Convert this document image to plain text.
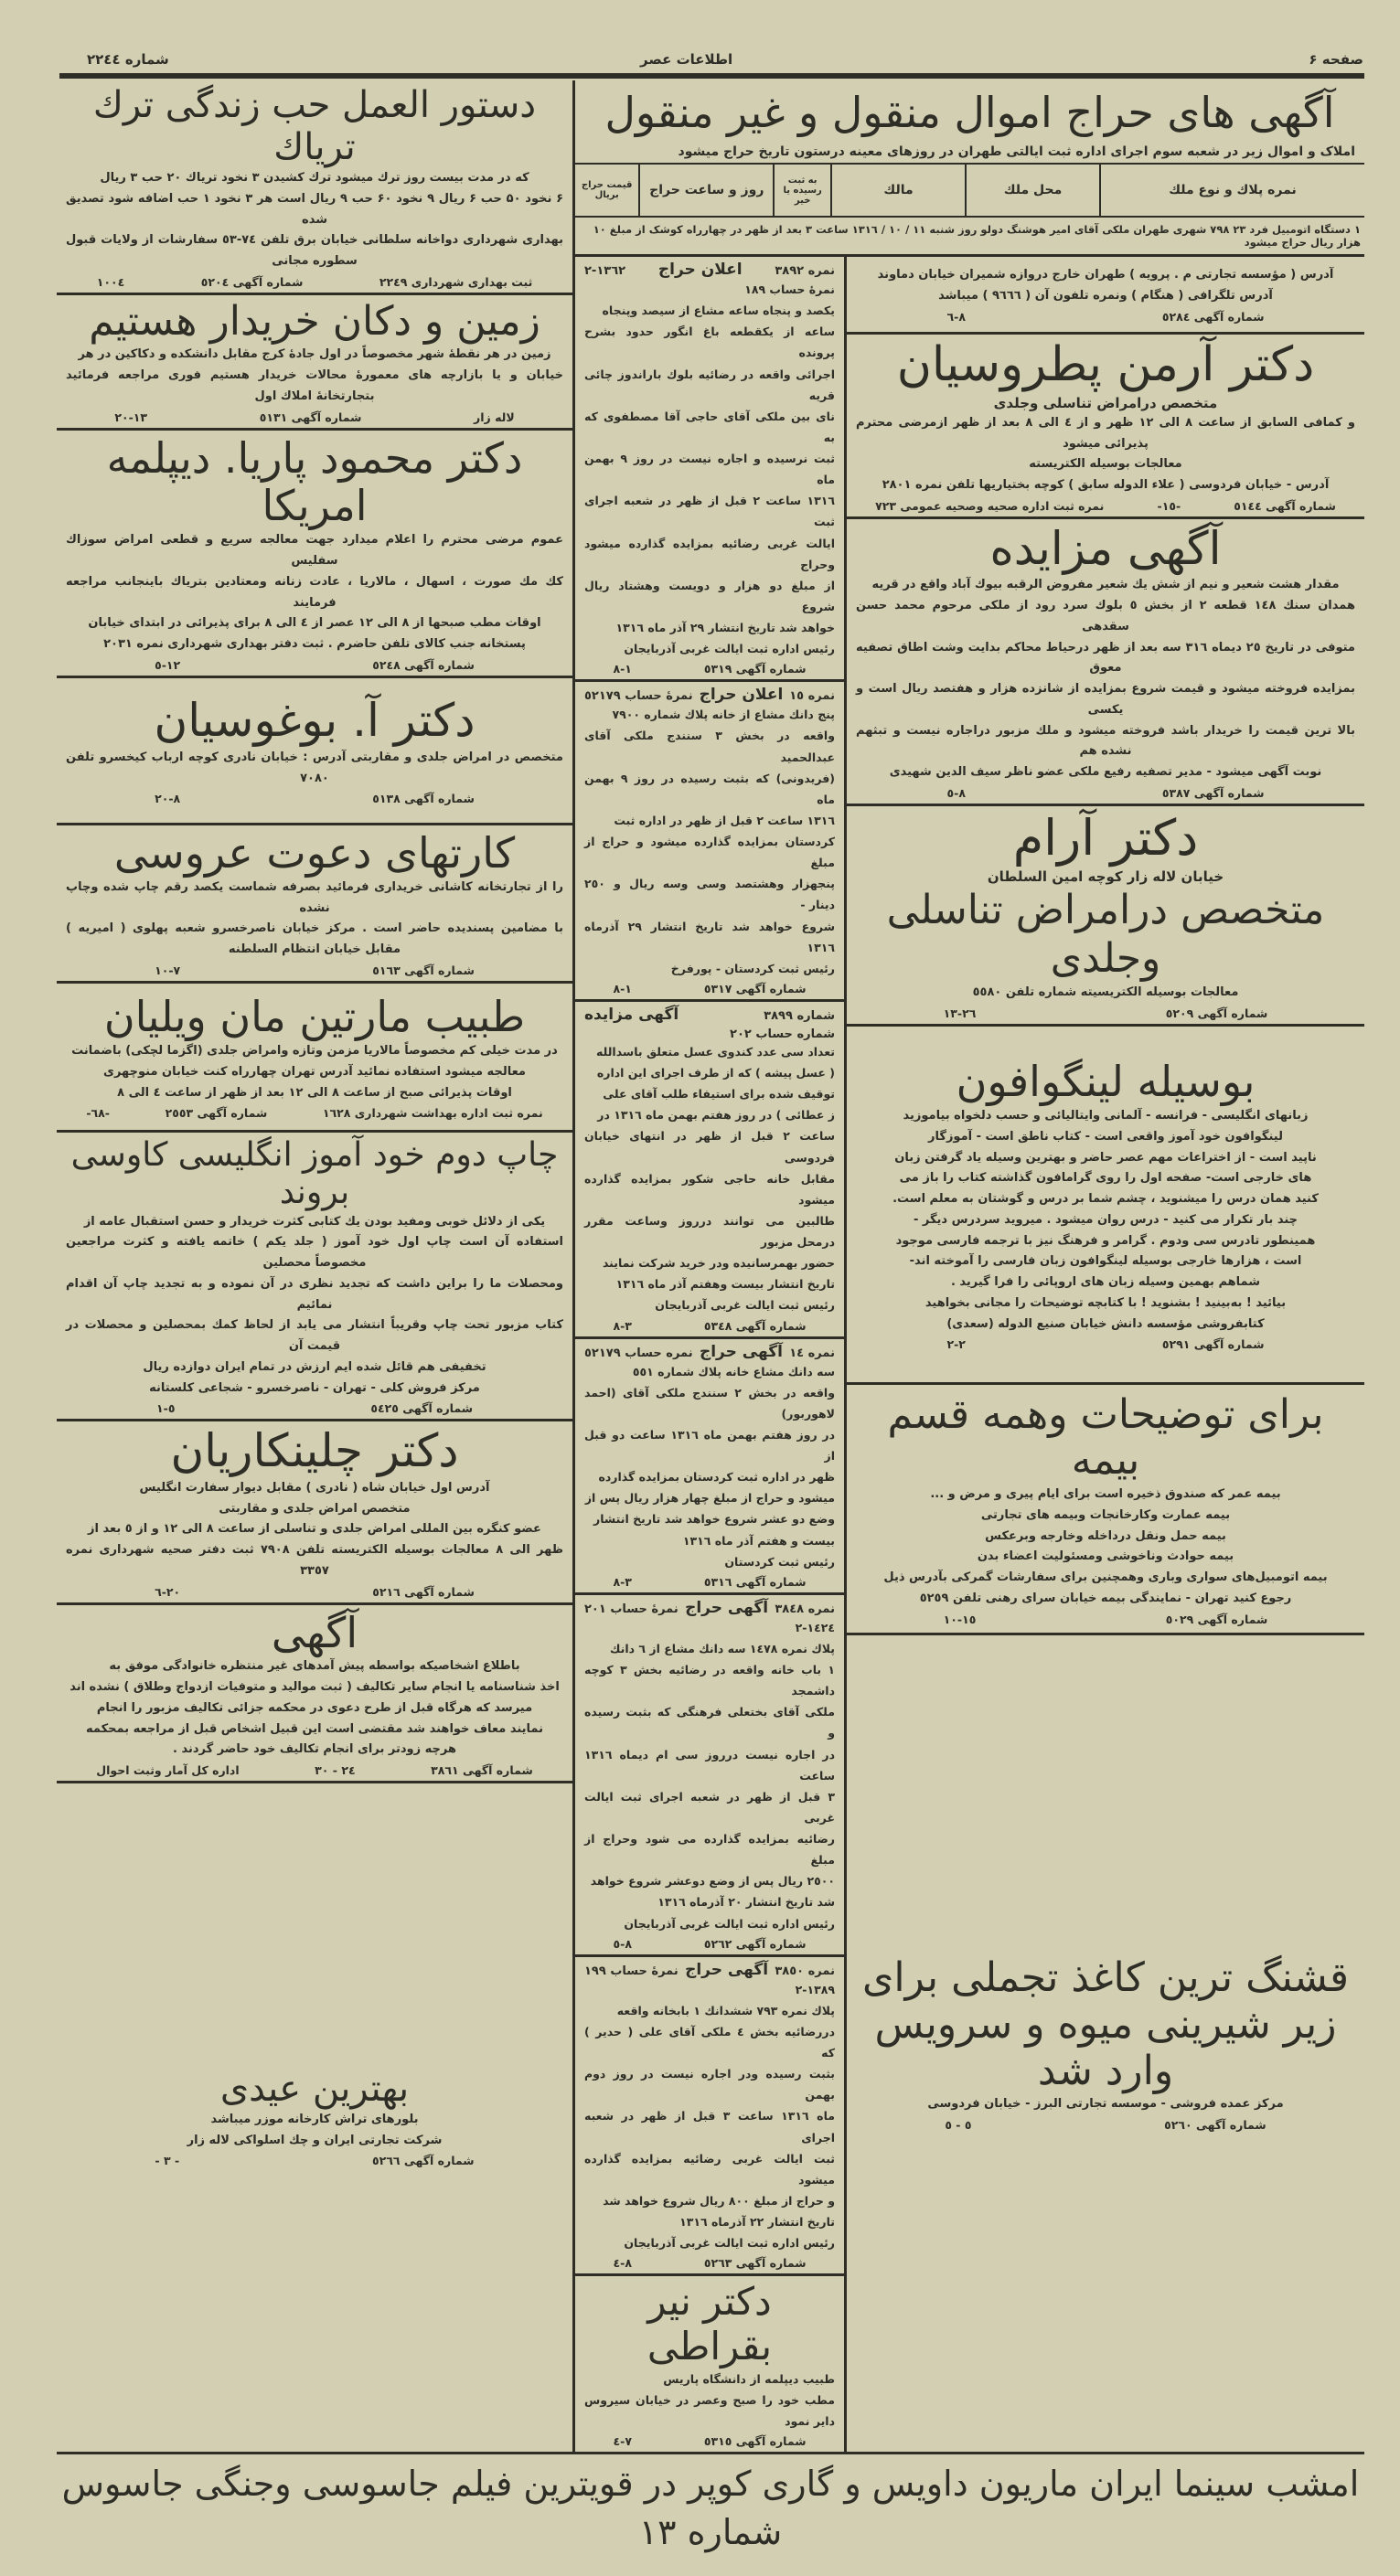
صفحه ۶
اطلاعات عصر
شماره ۲۲٤٤
دستور العمل حب زندگی ترك تریاك
که در مدت بیست روز ترك میشود ترك کشیدن ۳ نخود تریاك ۲۰ حب ۳ ریال
۶ نخود ۵۰ حب ۶ ریال ۹ نخود ۶۰ حب ۹ ریال است هر ۳ نخود ۱ حب اضافه شود تصدیق شده
بهداری شهرداری دواخانه سلطانی خیابان برق تلفن ۷٤-٥٣ سفارشات از ولایات قبول سطوره مجانی
ثبت بهداری شهرداری ۲۲٤۹
شماره آگهی ٥٢۰٤
۱۰۰٤
زمین و دکان خریدار هستیم
زمین در هر نقطهٔ شهر مخصوصاً در اول جادهٔ کرج مقابل دانشکده و دکاکین در هر
خیابان و یا بازارچه های معمورهٔ محالات خریدار هستیم فوری مراجعه فرمائید بتجارتخانهٔ املاك اول
لاله زار
شماره آگهی ٥١٣١
۲۰-۱۳
دکتر محمود پاریا. دیپلمه امریکا
عموم مرضی محترم را اعلام میدارد جهت معالجه سریع و قطعی امراض سوزاك سفلیس
کك مك صورت ، اسهال ، مالاریا ، عادت زنانه ومعتادین بتریاك باینجانب مراجعه فرمایند
اوقات مطب صبحها از ۸ الی ۱۲ عصر از ٤ الی ۸ برای پذیرائی در ابتدای خیابان
پستخانه جنب کالای تلفن حاضرم . ثبت دفتر بهداری شهرداری نمره ۲۰۳۱
شماره آگهی ٥٢٤٨
۱۲-٥
دکتر آ. بوغوسیان
متخصص در امراض جلدی و مقاربتی آدرس : خیابان نادری کوچه ارباب کیخسرو تلفن ۷۰۸۰
شماره آگهی ٥١٣٨
۲۰-۸
کارتهای دعوت عروسی
را از تجارتخانه کاشانی خریداری فرمائید بصرفه شماست یکصد رقم چاپ شده وچاپ نشده
با مضامین پسندیده حاضر است . مرکز خیابان ناصرخسرو شعبه پهلوی ( امیریه ) مقابل خیابان انتظام السلطنه
شماره آگهی ٥١٦٣
۱۰-۷
طبیب مارتین مان ویلیان
در مدت خیلی کم مخصوصاً مالاریا مزمن وتازه وامراض جلدی (اگزما لچکی) باضمانت
معالجه میشود استفاده نمائید آدرس تهران چهارراه کنت خیابان منوچهری
اوقات پذیرائی صبح از ساعت ۸ الی ۱۲ بعد از ظهر از ساعت ٤ الی ۸
نمره ثبت اداره بهداشت شهرداری ۱٦۲۸
شماره آگهی ۲٥٥۳
-٦٨-
چاپ دوم خود آموز انگلیسی کاوسی بروند
یکی از دلائل خوبی ومفید بودن یك کتابی کثرت خریدار و حسن استقبال عامه از
استفاده آن است چاپ اول خود آموز ( جلد یکم ) خاتمه یافته و کثرت مراجعین مخصوصاً محصلین
ومحصلات ما را براین داشت که تجدید نظری در آن نموده و به تجدید چاپ آن اقدام نمائیم
کتاب مزبور تحت چاپ وقریباً انتشار می یابد از لحاظ کمك بمحصلین و محصلات در قیمت آن
تخفیفی هم قائل شده ایم ارزش در تمام ایران دوازده ریال
مرکز فروش کلی - تهران - ناصرخسرو - شجاعی کلستانه
شماره آگهی ٥٤٢٥
٥-۱
دکتر چلینکاریان
آدرس اول خیابان شاه ( نادری ) مقابل دیوار سفارت انگلیس
متخصص امراض جلدی و مقاربتی
عضو کنگره بین المللی امراض جلدی و تناسلی از ساعت ۸ الی ۱۲ و از ٥ بعد از
ظهر الی ۸ معالجات بوسیله الکتریسته تلفن ۷۹۰۸ ثبت دفتر صحیه شهرداری نمره ۳۳٥۷
شماره آگهی ٥٢١٦
۲۰-٦
آگهی
باطلاع اشخاصیکه بواسطه پیش آمدهای غیر منتظره خانوادگی موفق به
اخذ شناسنامه یا انجام سایر تکالیف ( ثبت موالید و متوفیات ازدواج وطلاق ) نشده اند
میرسد که هرگاه قبل از طرح دعوی در محکمه جزائی تکالیف مزبور را انجام
نمایند معاف خواهند شد مقتضی است این قبیل اشخاص قبل از مراجعه بمحکمه
هرچه زودتر برای انجام تکالیف خود حاضر گردند .
شماره آگهی ۳۸٦۱
۲٤ - ۳۰
اداره کل آمار وثبت احوال
بهترین عیدی
بلورهای تراش کارخانه موزر میباشد
شرکت تجارتی ایران و چك اسلواکی لاله زار
شماره آگهی ٥٢٦٦
- ۳ -
آگهی های حراج اموال منقول و غیر منقول
املاک و اموال زیر در شعبه سوم اجرای اداره ثبت ایالتی طهران در روزهای معینه درستون تاریخ حراج میشود
نمره پلاك و نوع ملك	محل ملك	مالك	به ثبت رسیده یا خیر	روز و ساعت حراج	قیمت حراج بریال
۱ دستگاه اتومبیل فرد ۲۳ ۷۹۸ شهری طهران ملکی آقای امیر هوشنگ دولو روز شنبه ۱۱ / ۱۰ / ۱۳۱٦ ساعت ۳ بعد از ظهر در چهارراه کوشک از مبلغ ۱۰ هزار ریال حراج میشود
نمره ۳۸۹۲
اعلان حراج
۲-۱۳٦۲
نمرهٔ حساب ۱۸۹
یکصد و پنجاه ساعه مشاع از سیصد وپنجاه
ساعه از یکقطعه باغ انگور حدود بشرح پرونده
اجرائی واقعه در رضائیه بلوك باراندوز چائی قریه
نای بین ملکی آقای حاجی آقا مصطفوی که به
ثبت نرسیده و اجاره نیست در روز ۹ بهمن ماه
۱۳۱٦ ساعت ۲ قبل از ظهر در شعبه اجرای ثبت
ایالت غربی رضائیه بمزایده گذارده میشود وحراج
از مبلغ دو هزار و دویست وهشتاد ریال شروع
خواهد شد تاریخ انتشار ۲۹ آذر ماه ۱۳۱٦
رئیس اداره ثبت ایالت غربی آذربایجان
شماره آگهی ٥٣۱۹
۸-۱
نمره ۱٥
اعلان حراج
نمرهٔ حساب ٥٢۱۷۹
پنج دانك مشاع از خانه پلاك شماره ۷۹۰۰
واقعه در بخش ۳ سنندج ملکی آقای عبدالحمید
(فریدونی) که بثبت رسیده در روز ۹ بهمن ماه
۱۳۱٦ ساعت ۲ قبل از ظهر در اداره ثبت
کردستان بمزایده گذارده میشود و حراج از مبلغ
پنجهزار وهشتصد وسی وسه ریال و ۲٥۰ دینار -
شروع خواهد شد تاریخ انتشار ۲۹ آذرماه ۱۳۱٦
رئیس ثبت کردستان - پورفرخ
شماره آگهی ٥٣۱۷
۸-۱
شماره ۳۸۹۹
آگهی مزایده
شماره حساب ۲۰۲
تعداد سی عدد کندوی عسل متعلق باسدالله
( عسل پیشه ) که از طرف اجرای این اداره
توقیف شده برای استیفاء طلب آقای علی
ز عطائی ) در روز هفتم بهمن ماه ۱۳۱٦ در
ساعت ۲ قبل از ظهر در انتهای خیابان فردوسی
مقابل خانه حاجی شکور بمزایده گذارده میشود
طالبین می توانند درروز وساعت مقرر درمحل مزبور
حضور بهمرسانیده ودر خرید شرکت نمایند
تاریخ انتشار بیست وهفتم آذر ماه ۱۳۱٦
رئیس ثبت ایالت غربی آذربایجان
شماره آگهی ٥٣٤۸
۸-۳
نمره ۱٤
آگهی حراج
نمره حساب ٥۲۱۷۹
سه دانك مشاع خانه پلاك شماره ٥٥۱
واقعه در بخش ۲ سنندج ملکی آقای (احمد لاهوربور)
در روز هفتم بهمن ماه ۱۳۱٦ ساعت دو قبل از
ظهر در اداره ثبت کردستان بمزایده گذارده
میشود و حراج از مبلغ چهار هزار ریال پس از
وضع دو عشر شروع خواهد شد تاریخ انتشار
بیست و هفتم آذر ماه ۱۳۱٦
رئیس ثبت کردستان
شماره آگهی ٥٣۱٦
۸-۳
نمره ۳۸٤۸
آگهی حراج
نمرهٔ حساب ۲۰۱
۲-۱٤۲٤
پلاك نمره ۱٤۷۸ سه دانك مشاع از ٦ دانك
۱ باب خانه واقعه در رضائیه بخش ۳ کوچه داشمجد
ملکی آقای بختعلی فرهنگی که بثبت رسیده و
در اجاره نیست درروز سی ام دیماه ۱۳۱٦ ساعت
۳ قبل از ظهر در شعبه اجرای ثبت ایالت غربی
رضائیه بمزایده گذارده می شود وحراج از مبلغ
۲٥۰۰ ریال پس از وضع دوعشر شروع خواهد
شد تاریخ انتشار ۲۰ آذرماه ۱۳۱٦
رئیس اداره ثبت ایالت غربی آذربایجان
شماره آگهی ٥٢٦۲
۸-٥
نمره ۳۸٥۰
آگهی حراج
نمرهٔ حساب ۱۹۹
۲-۱۳۸۹
پلاك نمره ۷۹۳ ششدانك ۱ بابخانه واقعه
دررضائیه بخش ٤ ملکی آقای علی ( حدیر ) که
بثبت رسیده ودر اجاره نیست در روز دوم بهمن
ماه ۱۳۱٦ ساعت ۳ قبل از ظهر در شعبه اجرای
ثبت ایالت غربی رضائیه بمزایده گذارده میشود
و حراج از مبلغ ۸۰۰ ریال شروع خواهد شد
تاریخ انتشار ۲۲ آذرماه ۱۳۱٦
رئیس اداره ثبت ایالت غربی آذربایجان
شماره آگهی ٥٢٦۳
۸-٤
دکتر نیر بقراطی
طبیب دیپلمه از دانشگاه پاریس
مطب خود را صبح وعصر در خیابان سیروس دایر نمود
شماره آگهی ٥٣۱٥
۷-٤
آدرس ( مؤسسه تجارتی م . پرویه ) طهران خارج دروازه شمیران خیابان دماوند
آدرس تلگرافی ( هنگام ) ونمره تلفون آن ( ۹٦٦٦ ) میباشد
شماره آگهی ٥٢۸٤
۸-٦
دکتر آرمن پطروسیان
متخصص درامراض تناسلی وجلدی
و کمافی السابق از ساعت ۸ الی ۱۲ ظهر و از ٤ الی ۸ بعد از ظهر ازمرضی محترم پذیرائی میشود
معالجات بوسیله الکتریسته
آدرس - خیابان فردوسی ( علاء الدوله سابق ) کوچه بختیاریها تلفن نمره ۲۸۰۱
شماره آگهی ٥١٤٤
-۱٥-
نمره ثبت اداره صحیه وصحیه عمومی ۷۲۳
آگهی مزایده
مقدار هشت شعیر و نیم از شش یك شعیر مفروض الرقبه بیوك آباد واقع در قریه
همدان سنك ۱٤۸ قطعه ۲ از بخش ٥ بلوك سرد رود از ملکی مرحوم محمد حسن سقدهی
متوفی در تاریخ ۲٥ دیماه ۳۱٦ سه بعد از ظهر درحیاط محاکم بدایت وشت اطاق تصفیه معوق
بمزایده فروخته میشود و قیمت شروع بمزایده از شانزده هزار و هفتصد ریال است و یکسی
بالا ترین قیمت را خریدار باشد فروخته میشود و ملك مزبور دراجاره نیست و تبثهم نشده هم
نوبت آگهی میشود - مدیر تصفیه رفیع ملکی عضو ناظر سیف الدین شهیدی
شماره آگهی ٥٣۸۷
۸-٥
دکتر آرام
خیابان لاله زار کوچه امین السلطان
متخصص درامراض تناسلی وجلدی
معالجات بوسیله الکتریسیته شماره تلفن ٥٥۸۰
شماره آگهی ٥٢۰۹
۲٦-۱۳
بوسیله لینگوافون
زبانهای انگلیسی - فرانسه - آلمانی وایتالیائی و حسب دلخواه بیاموزید
لینگوافون خود آموز واقعی است - کتاب ناطق است - آموزگار
ناپید است - از اختراعات مهم عصر حاضر و بهترین وسیله یاد گرفتن زبان
های خارجی است- صفحه اول را روی گرامافون گذاشته کتاب را باز می
کنید همان درس را میشنوید ، چشم شما بر درس و گوشتان به معلم است.
چند بار تکرار می کنید - درس روان میشود . میروید سردرس دیگر -
همینطور تادرس سی ودوم . گرامر و فرهنگ نیز با ترجمه فارسی موجود
است ، هزارها خارجی بوسیله لینگوافون زبان فارسی را آموخته اند-
شماهم بهمین وسیله زبان های اروپائی را فرا گیرید .
بیائید ! به‌بینید ! بشنوید ! با کتابچه توضیحات را مجانی بخواهید
کتابفروشی مؤسسه دانش خیابان صنیع الدوله (سعدی)
شماره آگهی ٥٢۹۱
۲-۲
برای توضیحات وهمه قسم بیمه
بیمه عمر که صندوق ذخیره است برای ایام پیری و مرض و ...
بیمه عمارت وکارخانجات وبیمه های تجارتی
بیمه حمل ونقل درداخله وخارجه وبرعکس
بیمه حوادث وناخوشی ومسئولیت اعضاء بدن
بیمه اتومبیل‌های سواری وباری وهمچنین برای سفارشات گمرکی بآدرس ذیل
رجوع کنید تهران - نمایندگی بیمه خیابان سرای رهنی تلفن ٥٢٥۹
شماره آگهی ٥٠۲۹
۱٥-۱۰
قشنگ ترین کاغذ تجملی برای زیر شیرینی میوه و سرویس وارد شد
مرکز عمده فروشی - موسسه تجارتی البرز - خیابان فردوسی
شماره آگهی ٥٢٦۰
٥ - ٥
امشب سینما ایران ماریون داویس و گاری کوپر در قویترین فیلم جاسوسی وجنگی جاسوس شماره ۱۳
